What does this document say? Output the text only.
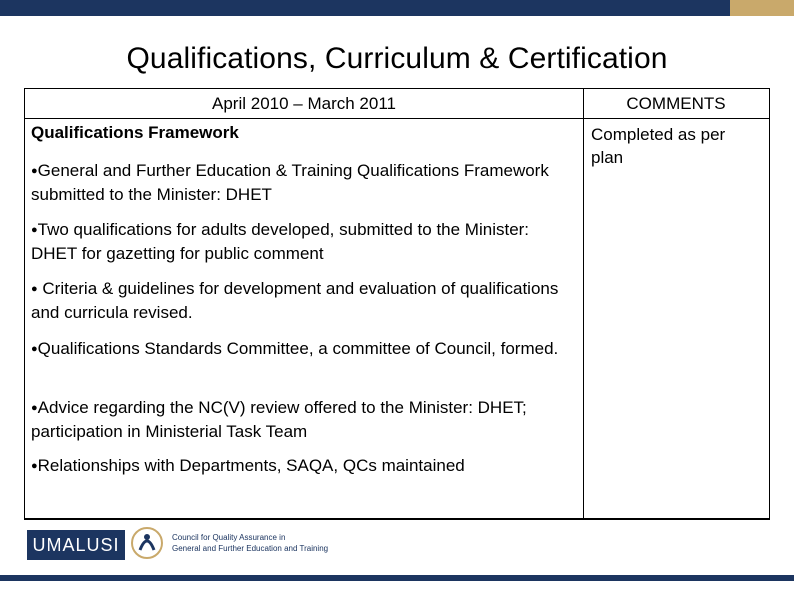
Qualifications, Curriculum & Certification
April 2010 – March 2011
Qualifications Framework
●General and Further Education & Training Qualifications Framework submitted to the Minister: DHET
●Two qualifications for adults developed, submitted to the Minister: DHET for gazetting for public comment
● Criteria & guidelines for development and evaluation of qualifications and curricula revised.
●Qualifications Standards Committee, a committee of Council, formed.
●Advice regarding the NC(V) review offered to the Minister: DHET; participation in Ministerial Task Team
●Relationships with Departments, SAQA, QCs maintained
COMMENTS
Completed as per plan
UMALUSI	Council for Quality Assurance in
General and Further Education and Training
